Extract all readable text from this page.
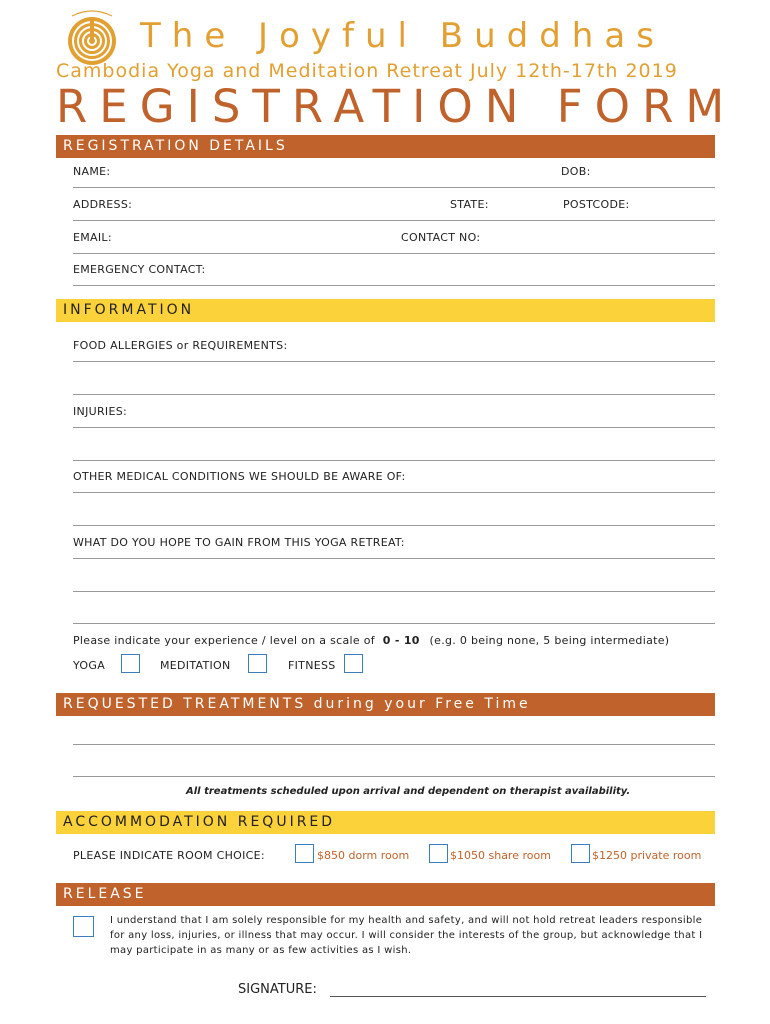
The Joyful Buddhas
Cambodia Yoga and Meditation Retreat July 12th-17th 2019
REGISTRATION FORM
REGISTRATION DETAILS
NAME:	DOB:
ADDRESS:	STATE:	POSTCODE:
EMAIL:	CONTACT NO:
EMERGENCY CONTACT:
INFORMATION
FOOD ALLERGIES or REQUIREMENTS:
INJURIES:
OTHER MEDICAL CONDITIONS WE SHOULD BE AWARE OF:
WHAT DO YOU HOPE TO GAIN FROM THIS YOGA RETREAT:
Please indicate your experience / level on a scale of 0 - 10 (e.g. 0 being none, 5 being intermediate)
YOGA	MEDITATION	FITNESS
REQUESTED TREATMENTS during your Free Time
All treatments scheduled upon arrival and dependent on therapist availability.
ACCOMMODATION REQUIRED
PLEASE INDICATE ROOM CHOICE:	$850 dorm room	$1050 share room	$1250 private room
RELEASE
I understand that I am solely responsible for my health and safety, and will not hold retreat leaders responsible for any loss, injuries, or illness that may occur. I will consider the interests of the group, but acknowledge that I may participate in as many or as few activities as I wish.
SIGNATURE:
